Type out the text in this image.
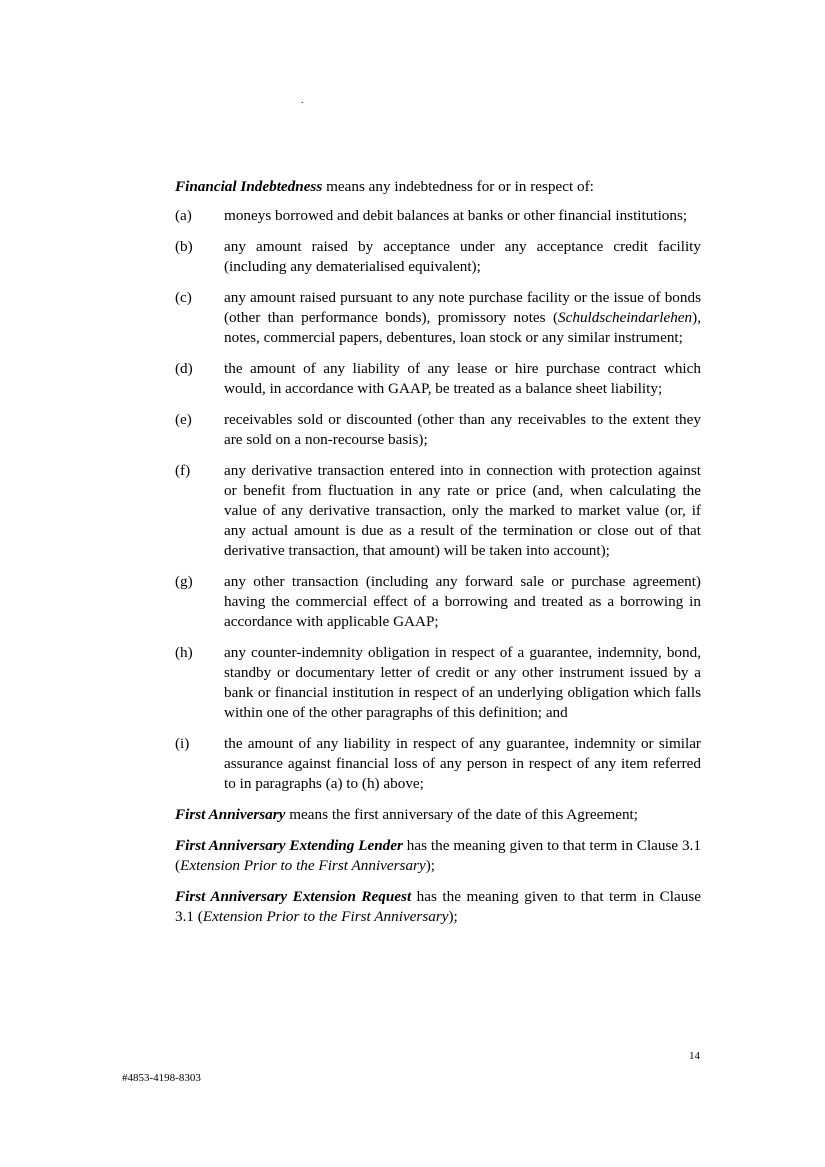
.

Financial Indebtedness means any indebtedness for or in respect of:

(a)	moneys borrowed and debit balances at banks or other financial institutions;
(b)	any amount raised by acceptance under any acceptance credit facility (including any dematerialised equivalent);
(c)	any amount raised pursuant to any note purchase facility or the issue of bonds (other than performance bonds), promissory notes (Schuldscheindarlehen), notes, commercial papers, debentures, loan stock or any similar instrument;
(d)	the amount of any liability of any lease or hire purchase contract which would, in accordance with GAAP, be treated as a balance sheet liability;
(e)	receivables sold or discounted (other than any receivables to the extent they are sold on a non-recourse basis);
(f)	any derivative transaction entered into in connection with protection against or benefit from fluctuation in any rate or price (and, when calculating the value of any derivative transaction, only the marked to market value (or, if any actual amount is due as a result of the termination or close out of that derivative transaction, that amount) will be taken into account);
(g)	any other transaction (including any forward sale or purchase agreement) having the commercial effect of a borrowing and treated as a borrowing in accordance with applicable GAAP;
(h)	any counter-indemnity obligation in respect of a guarantee, indemnity, bond, standby or documentary letter of credit or any other instrument issued by a bank or financial institution in respect of an underlying obligation which falls within one of the other paragraphs of this definition; and
(i)	the amount of any liability in respect of any guarantee, indemnity or similar assurance against financial loss of any person in respect of any item referred to in paragraphs (a) to (h) above;

First Anniversary means the first anniversary of the date of this Agreement;

First Anniversary Extending Lender has the meaning given to that term in Clause 3.1 (Extension Prior to the First Anniversary);

First Anniversary Extension Request has the meaning given to that term in Clause 3.1 (Extension Prior to the First Anniversary);

14
#4853-4198-8303
